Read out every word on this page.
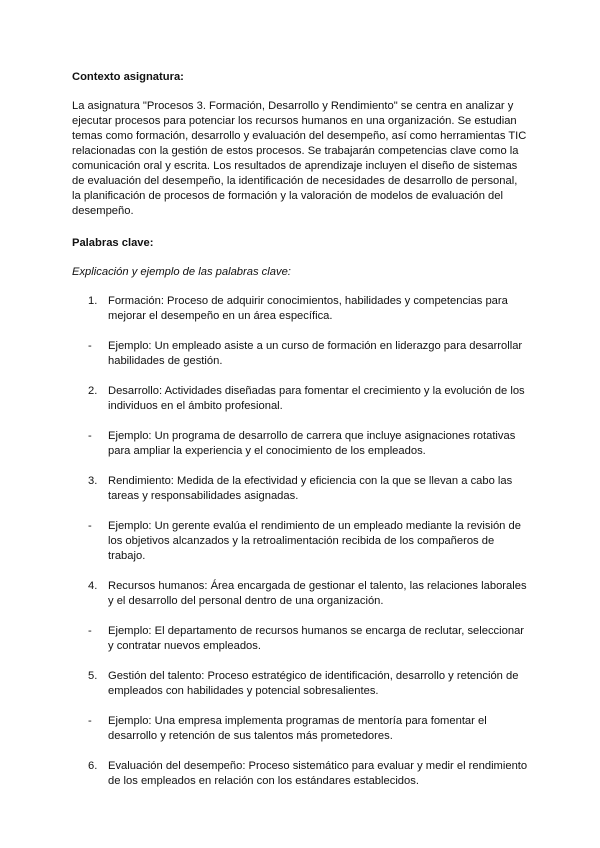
Contexto asignatura:

La asignatura "Procesos 3. Formación, Desarrollo y Rendimiento" se centra en analizar y ejecutar procesos para potenciar los recursos humanos en una organización. Se estudian temas como formación, desarrollo y evaluación del desempeño, así como herramientas TIC relacionadas con la gestión de estos procesos. Se trabajarán competencias clave como la comunicación oral y escrita. Los resultados de aprendizaje incluyen el diseño de sistemas de evaluación del desempeño, la identificación de necesidades de desarrollo de personal, la planificación de procesos de formación y la valoración de modelos de evaluación del desempeño.

Palabras clave:

Explicación y ejemplo de las palabras clave:

1. Formación: Proceso de adquirir conocimientos, habilidades y competencias para mejorar el desempeño en un área específica.
-	Ejemplo: Un empleado asiste a un curso de formación en liderazgo para desarrollar habilidades de gestión.
2. Desarrollo: Actividades diseñadas para fomentar el crecimiento y la evolución de los individuos en el ámbito profesional.
-	Ejemplo: Un programa de desarrollo de carrera que incluye asignaciones rotativas para ampliar la experiencia y el conocimiento de los empleados.
3. Rendimiento: Medida de la efectividad y eficiencia con la que se llevan a cabo las tareas y responsabilidades asignadas.
-	Ejemplo: Un gerente evalúa el rendimiento de un empleado mediante la revisión de los objetivos alcanzados y la retroalimentación recibida de los compañeros de trabajo.
4. Recursos humanos: Área encargada de gestionar el talento, las relaciones laborales y el desarrollo del personal dentro de una organización.
-	Ejemplo: El departamento de recursos humanos se encarga de reclutar, seleccionar y contratar nuevos empleados.
5. Gestión del talento: Proceso estratégico de identificación, desarrollo y retención de empleados con habilidades y potencial sobresalientes.
-	Ejemplo: Una empresa implementa programas de mentoría para fomentar el desarrollo y retención de sus talentos más prometedores.
6. Evaluación del desempeño: Proceso sistemático para evaluar y medir el rendimiento de los empleados en relación con los estándares establecidos.
